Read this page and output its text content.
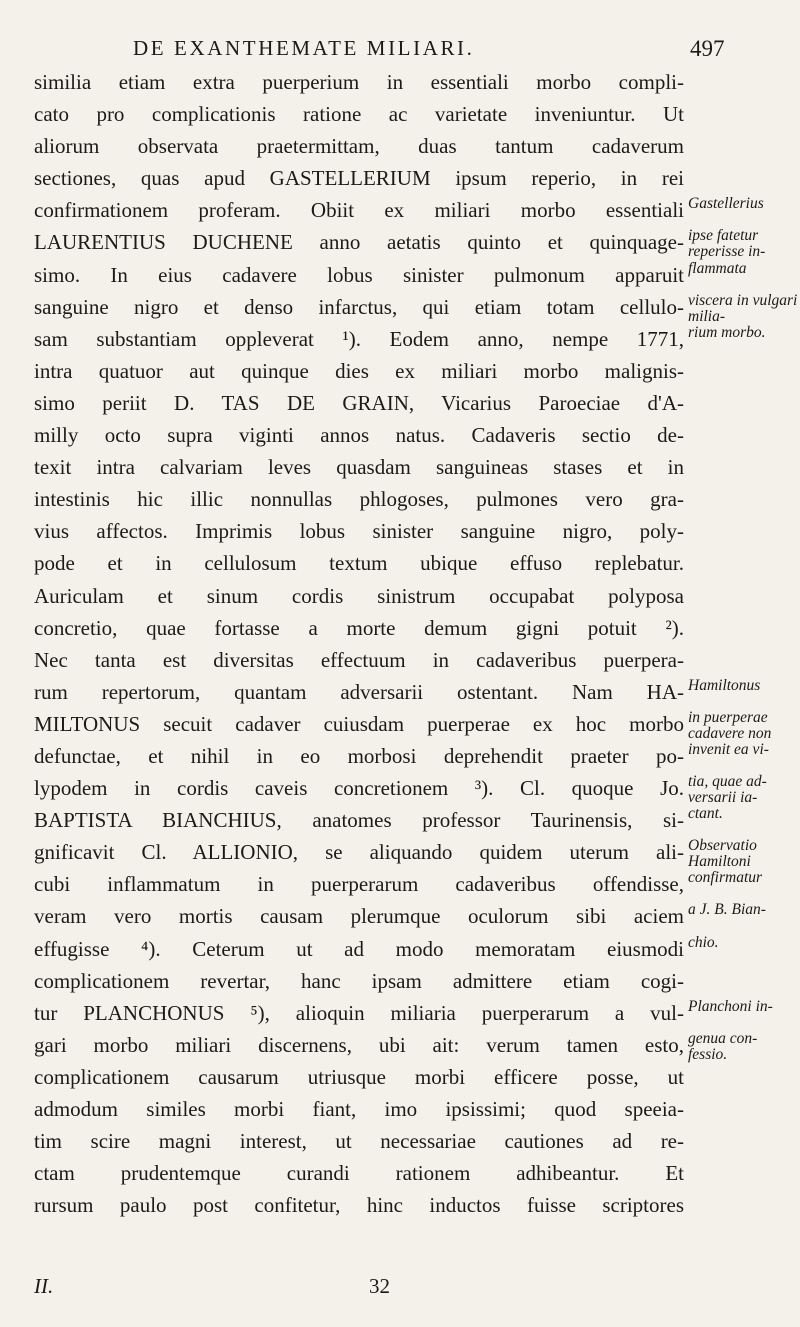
DE EXANTHEMATE MILIARI.	497
similia etiam extra puerperium in essentiali morbo compli-
cato pro complicationis ratione ac varietate inveniuntur. Ut
aliorum observata praetermittam, duas tantum cadaverum
sectiones, quas apud GASTELLERIUM ipsum reperio, in rei
confirmationem proferam. Obiit ex miliari morbo essentiali Gastellerius
LAURENTIUS DUCHENE anno aetatis quinto et quinquage- ipse fatetur reperisse in-
simo. In eius cadavere lobus sinister pulmonum apparuit flammata
sanguine nigro et denso infarctus, qui etiam totam cellulo- viscera in vulgari milia-
sam substantiam oppleverat ¹). Eodem anno, nempe 1771, rium morbo.
intra quatuor aut quinque dies ex miliari morbo malignis-
simo periit D. TAS DE GRAIN, Vicarius Paroeciae d'A-
milly octo supra viginti annos natus. Cadaveris sectio de-
texit intra calvariam leves quasdam sanguineas stases et in
intestinis hic illic nonnullas phlogoses, pulmones vero gra-
vius affectos. Imprimis lobus sinister sanguine nigro, poly-
pode et in cellulosum textum ubique effuso replebatur.
Auriculam et sinum cordis sinistrum occupabat polyposa
concretio, quae fortasse a morte demum gigni potuit ²).
Nec tanta est diversitas effectuum in cadaveribus puerpera-
rum repertorum, quantam adversarii ostentant. Nam HA- Hamiltonus
MILTONUS secuit cadaver cuiusdam puerperae ex hoc morbo in puerperae cadavere non
defunctae, et nihil in eo morbosi deprehendit praeter po- invenit ea vi-
lypodem in cordis caveis concretionem ³). Cl. quoque Jo. tia, quae ad- versarii ia-
BAPTISTA BIANCHIUS, anatomes professor Taurinensis, si- ctant.
gnificavit Cl. ALLIONIO, se aliquando quidem uterum ali- Observatio Hamiltoni
cubi inflammatum in puerperarum cadaveribus offendisse, confirmatur
veram vero mortis causam plerumque oculorum sibi aciem a J. B. Bian-
effugisse ⁴). Ceterum ut ad modo memoratam eiusmodi chio.
complicationem revertar, hanc ipsam admittere etiam cogi-
tur PLANCHONUS ⁵), alioquin miliaria puerperarum a vul- Planchoni in-
gari morbo miliari discernens, ubi ait: verum tamen esto, genua con- fessio.
complicationem causarum utriusque morbi efficere posse, ut
admodum similes morbi fiant, imo ipsissimi; quod speeia-
tim scire magni interest, ut necessariae cautiones ad re-
ctam prudentemque curandi rationem adhibeantur. Et
rursum paulo post confitetur, hinc inductos fuisse scriptores
II.	32
